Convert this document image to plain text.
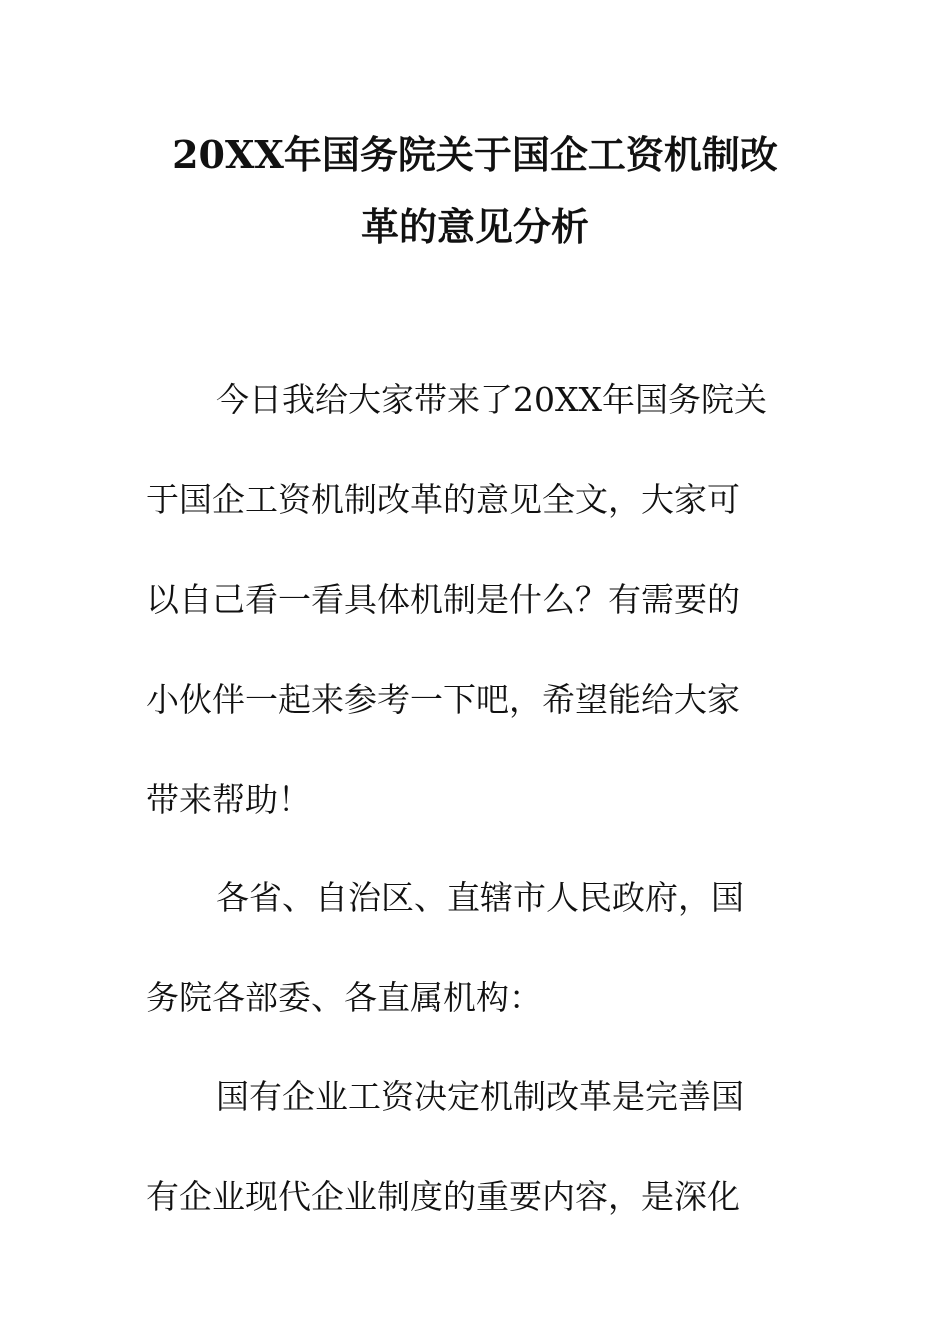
20XX年国务院关于国企工资机制改
革的意见分析
今日我给大家带来了20XX年国务院关
于国企工资机制改革的意见全文，大家可
以自己看一看具体机制是什么？有需要的
小伙伴一起来参考一下吧，希望能给大家
带来帮助！
各省、自治区、直辖市人民政府，国
务院各部委、各直属机构：
国有企业工资决定机制改革是完善国
有企业现代企业制度的重要内容，是深化
